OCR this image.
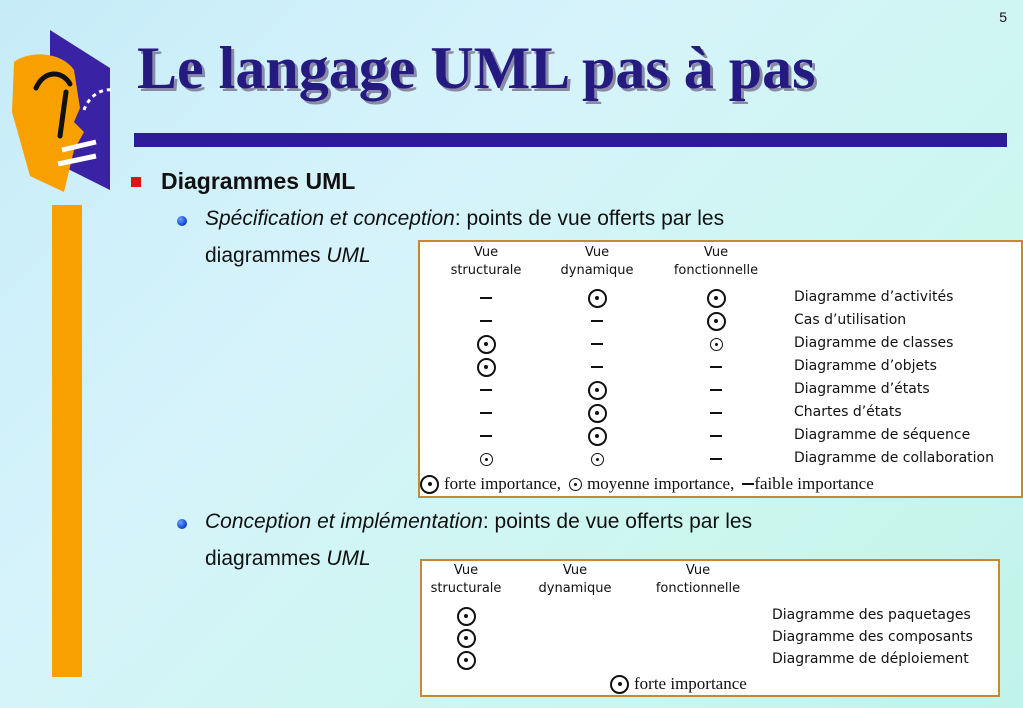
5
Le langage UML pas à pas
Diagrammes UML
Spécification et conception: points de vue offerts par les
diagrammes UML	Vue
structurale
Vue
dynamique
Vue
fonctionnelle
Diagramme d’activités
Cas d’utilisation
Diagramme de classes
Diagramme d’objets
Diagramme d’états
Chartes d’états
Diagramme de séquence
Diagramme de collaboration
forte importance, moyenne importance, faible importance
Conception et implémentation: points de vue offerts par les
diagrammes UML
Vue
structurale
Vue
dynamique
Vue
fonctionnelle
Diagramme des paquetages
Diagramme des composants
Diagramme de déploiement
forte importance
